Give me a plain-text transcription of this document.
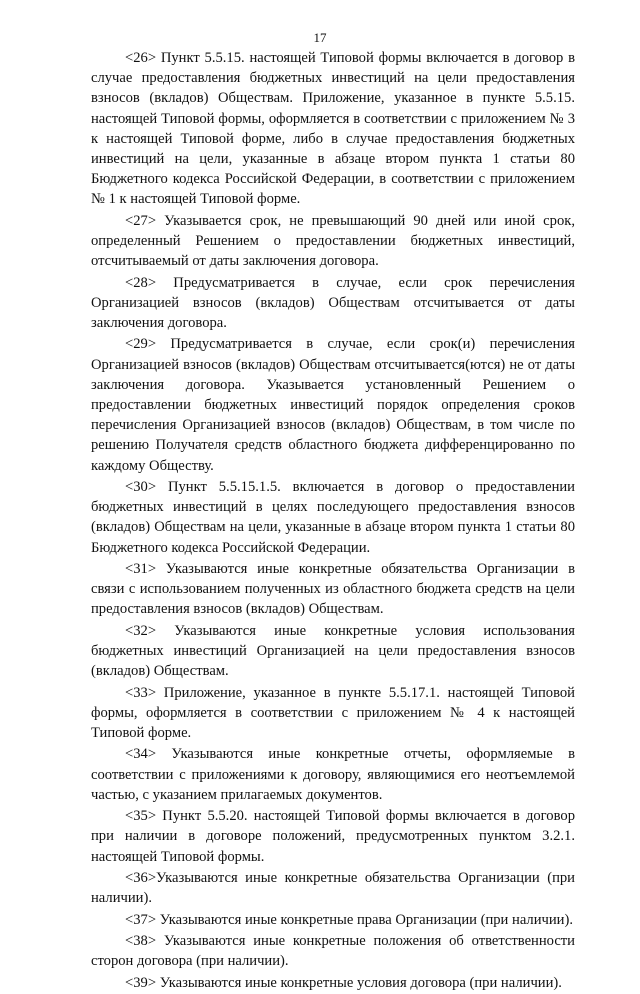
17

<26> Пункт 5.5.15. настоящей Типовой формы включается в договор в случае предоставления бюджетных инвестиций на цели предоставления взносов (вкладов) Обществам. Приложение, указанное в пункте 5.5.15. настоящей Типовой формы, оформляется в соответствии с приложением № 3 к настоящей Типовой форме, либо в случае предоставления бюджетных инвестиций на цели, указанные в абзаце втором пункта 1 статьи 80 Бюджетного кодекса Российской Федерации, в соответствии с приложением № 1 к настоящей Типовой форме.

<27> Указывается срок, не превышающий 90 дней или иной срок, определенный Решением о предоставлении бюджетных инвестиций, отсчитываемый от даты заключения договора.

<28> Предусматривается в случае, если срок перечисления Организацией взносов (вкладов) Обществам отсчитывается от даты заключения договора.

<29> Предусматривается в случае, если срок(и) перечисления Организацией взносов (вкладов) Обществам отсчитывается(ются) не от даты заключения договора. Указывается установленный Решением о предоставлении бюджетных инвестиций порядок определения сроков перечисления Организацией взносов (вкладов) Обществам, в том числе по решению Получателя средств областного бюджета дифференцированно по каждому Обществу.

<30> Пункт 5.5.15.1.5. включается в договор о предоставлении бюджетных инвестиций в целях последующего предоставления взносов (вкладов) Обществам на цели, указанные в абзаце втором пункта 1 статьи 80 Бюджетного кодекса Российской Федерации.

<31> Указываются иные конкретные обязательства Организации в связи с использованием полученных из областного бюджета средств на цели предоставления взносов (вкладов) Обществам.

<32> Указываются иные конкретные условия использования бюджетных инвестиций Организацией на цели предоставления взносов (вкладов) Обществам.

<33> Приложение, указанное в пункте 5.5.17.1. настоящей Типовой формы, оформляется в соответствии с приложением № 4 к настоящей Типовой форме.

<34> Указываются иные конкретные отчеты, оформляемые в соответствии с приложениями к договору, являющимися его неотъемлемой частью, с указанием прилагаемых документов.

<35> Пункт 5.5.20. настоящей Типовой формы включается в договор при наличии в договоре положений, предусмотренных пунктом 3.2.1. настоящей Типовой формы.

<36>Указываются иные конкретные обязательства Организации (при наличии).

<37> Указываются иные конкретные права Организации (при наличии).

<38> Указываются иные конкретные положения об ответственности сторон договора (при наличии).

<39> Указываются иные конкретные условия договора (при наличии).
